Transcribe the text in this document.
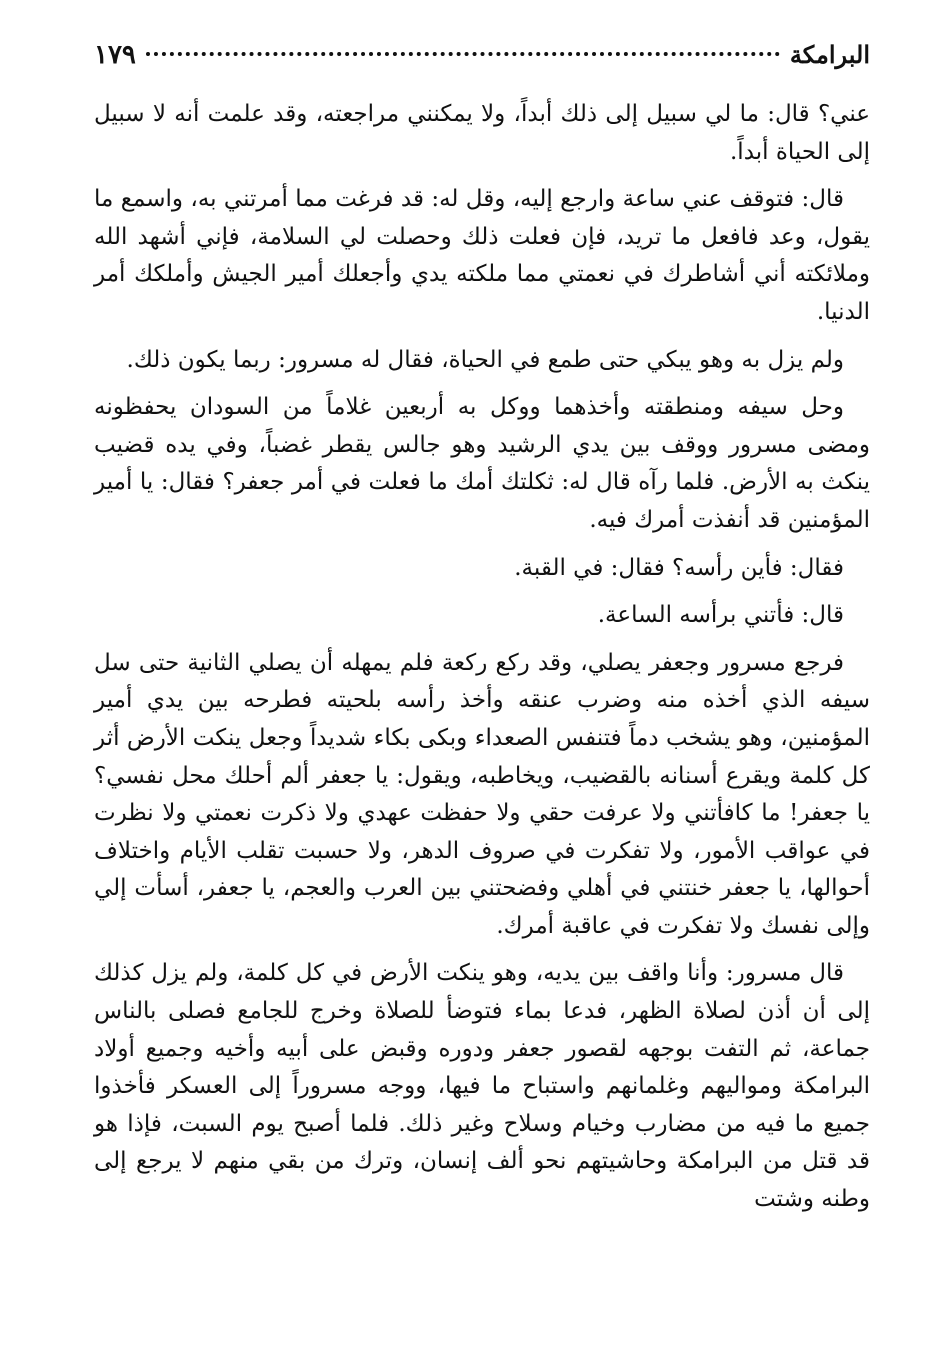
البرامكة
١٧٩

عني؟ قال: ما لي سبيل إلى ذلك أبداً، ولا يمكنني مراجعته، وقد علمت أنه لا سبيل إلى الحياة أبداً.

قال: فتوقف عني ساعة وارجع إليه، وقل له: قد فرغت مما أمرتني به، واسمع ما يقول، وعد فافعل ما تريد، فإن فعلت ذلك وحصلت لي السلامة، فإني أشهد الله وملائكته أني أشاطرك في نعمتي مما ملكته يدي وأجعلك أمير الجيش وأملكك أمر الدنيا.

ولم يزل به وهو يبكي حتى طمع في الحياة، فقال له مسرور: ربما يكون ذلك.

وحل سيفه ومنطقته وأخذهما ووكل به أربعين غلاماً من السودان يحفظونه ومضى مسرور ووقف بين يدي الرشيد وهو جالس يقطر غضباً، وفي يده قضيب ينكث به الأرض. فلما رآه قال له: ثكلتك أمك ما فعلت في أمر جعفر؟ فقال: يا أمير المؤمنين قد أنفذت أمرك فيه.

فقال: فأين رأسه؟ فقال: في القبة.

قال: فأتني برأسه الساعة.

فرجع مسرور وجعفر يصلي، وقد ركع ركعة فلم يمهله أن يصلي الثانية حتى سل سيفه الذي أخذه منه وضرب عنقه وأخذ رأسه بلحيته فطرحه بين يدي أمير المؤمنين، وهو يشخب دماً فتنفس الصعداء وبكى بكاء شديداً وجعل ينكت الأرض أثر كل كلمة ويقرع أسنانه بالقضيب، ويخاطبه، ويقول: يا جعفر ألم أحلك محل نفسي؟ يا جعفر! ما كافأتني ولا عرفت حقي ولا حفظت عهدي ولا ذكرت نعمتي ولا نظرت في عواقب الأمور، ولا تفكرت في صروف الدهر، ولا حسبت تقلب الأيام واختلاف أحوالها، يا جعفر خنتني في أهلي وفضحتني بين العرب والعجم، يا جعفر، أسأت إلي وإلى نفسك ولا تفكرت في عاقبة أمرك.

قال مسرور: وأنا واقف بين يديه، وهو ينكت الأرض في كل كلمة، ولم يزل كذلك إلى أن أذن لصلاة الظهر، فدعا بماء فتوضأ للصلاة وخرج للجامع فصلى بالناس جماعة، ثم التفت بوجهه لقصور جعفر ودوره وقبض على أبيه وأخيه وجميع أولاد البرامكة ومواليهم وغلمانهم واستباح ما فيها، ووجه مسروراً إلى العسكر فأخذوا جميع ما فيه من مضارب وخيام وسلاح وغير ذلك. فلما أصبح يوم السبت، فإذا هو قد قتل من البرامكة وحاشيتهم نحو ألف إنسان، وترك من بقي منهم لا يرجع إلى وطنه وشتت
